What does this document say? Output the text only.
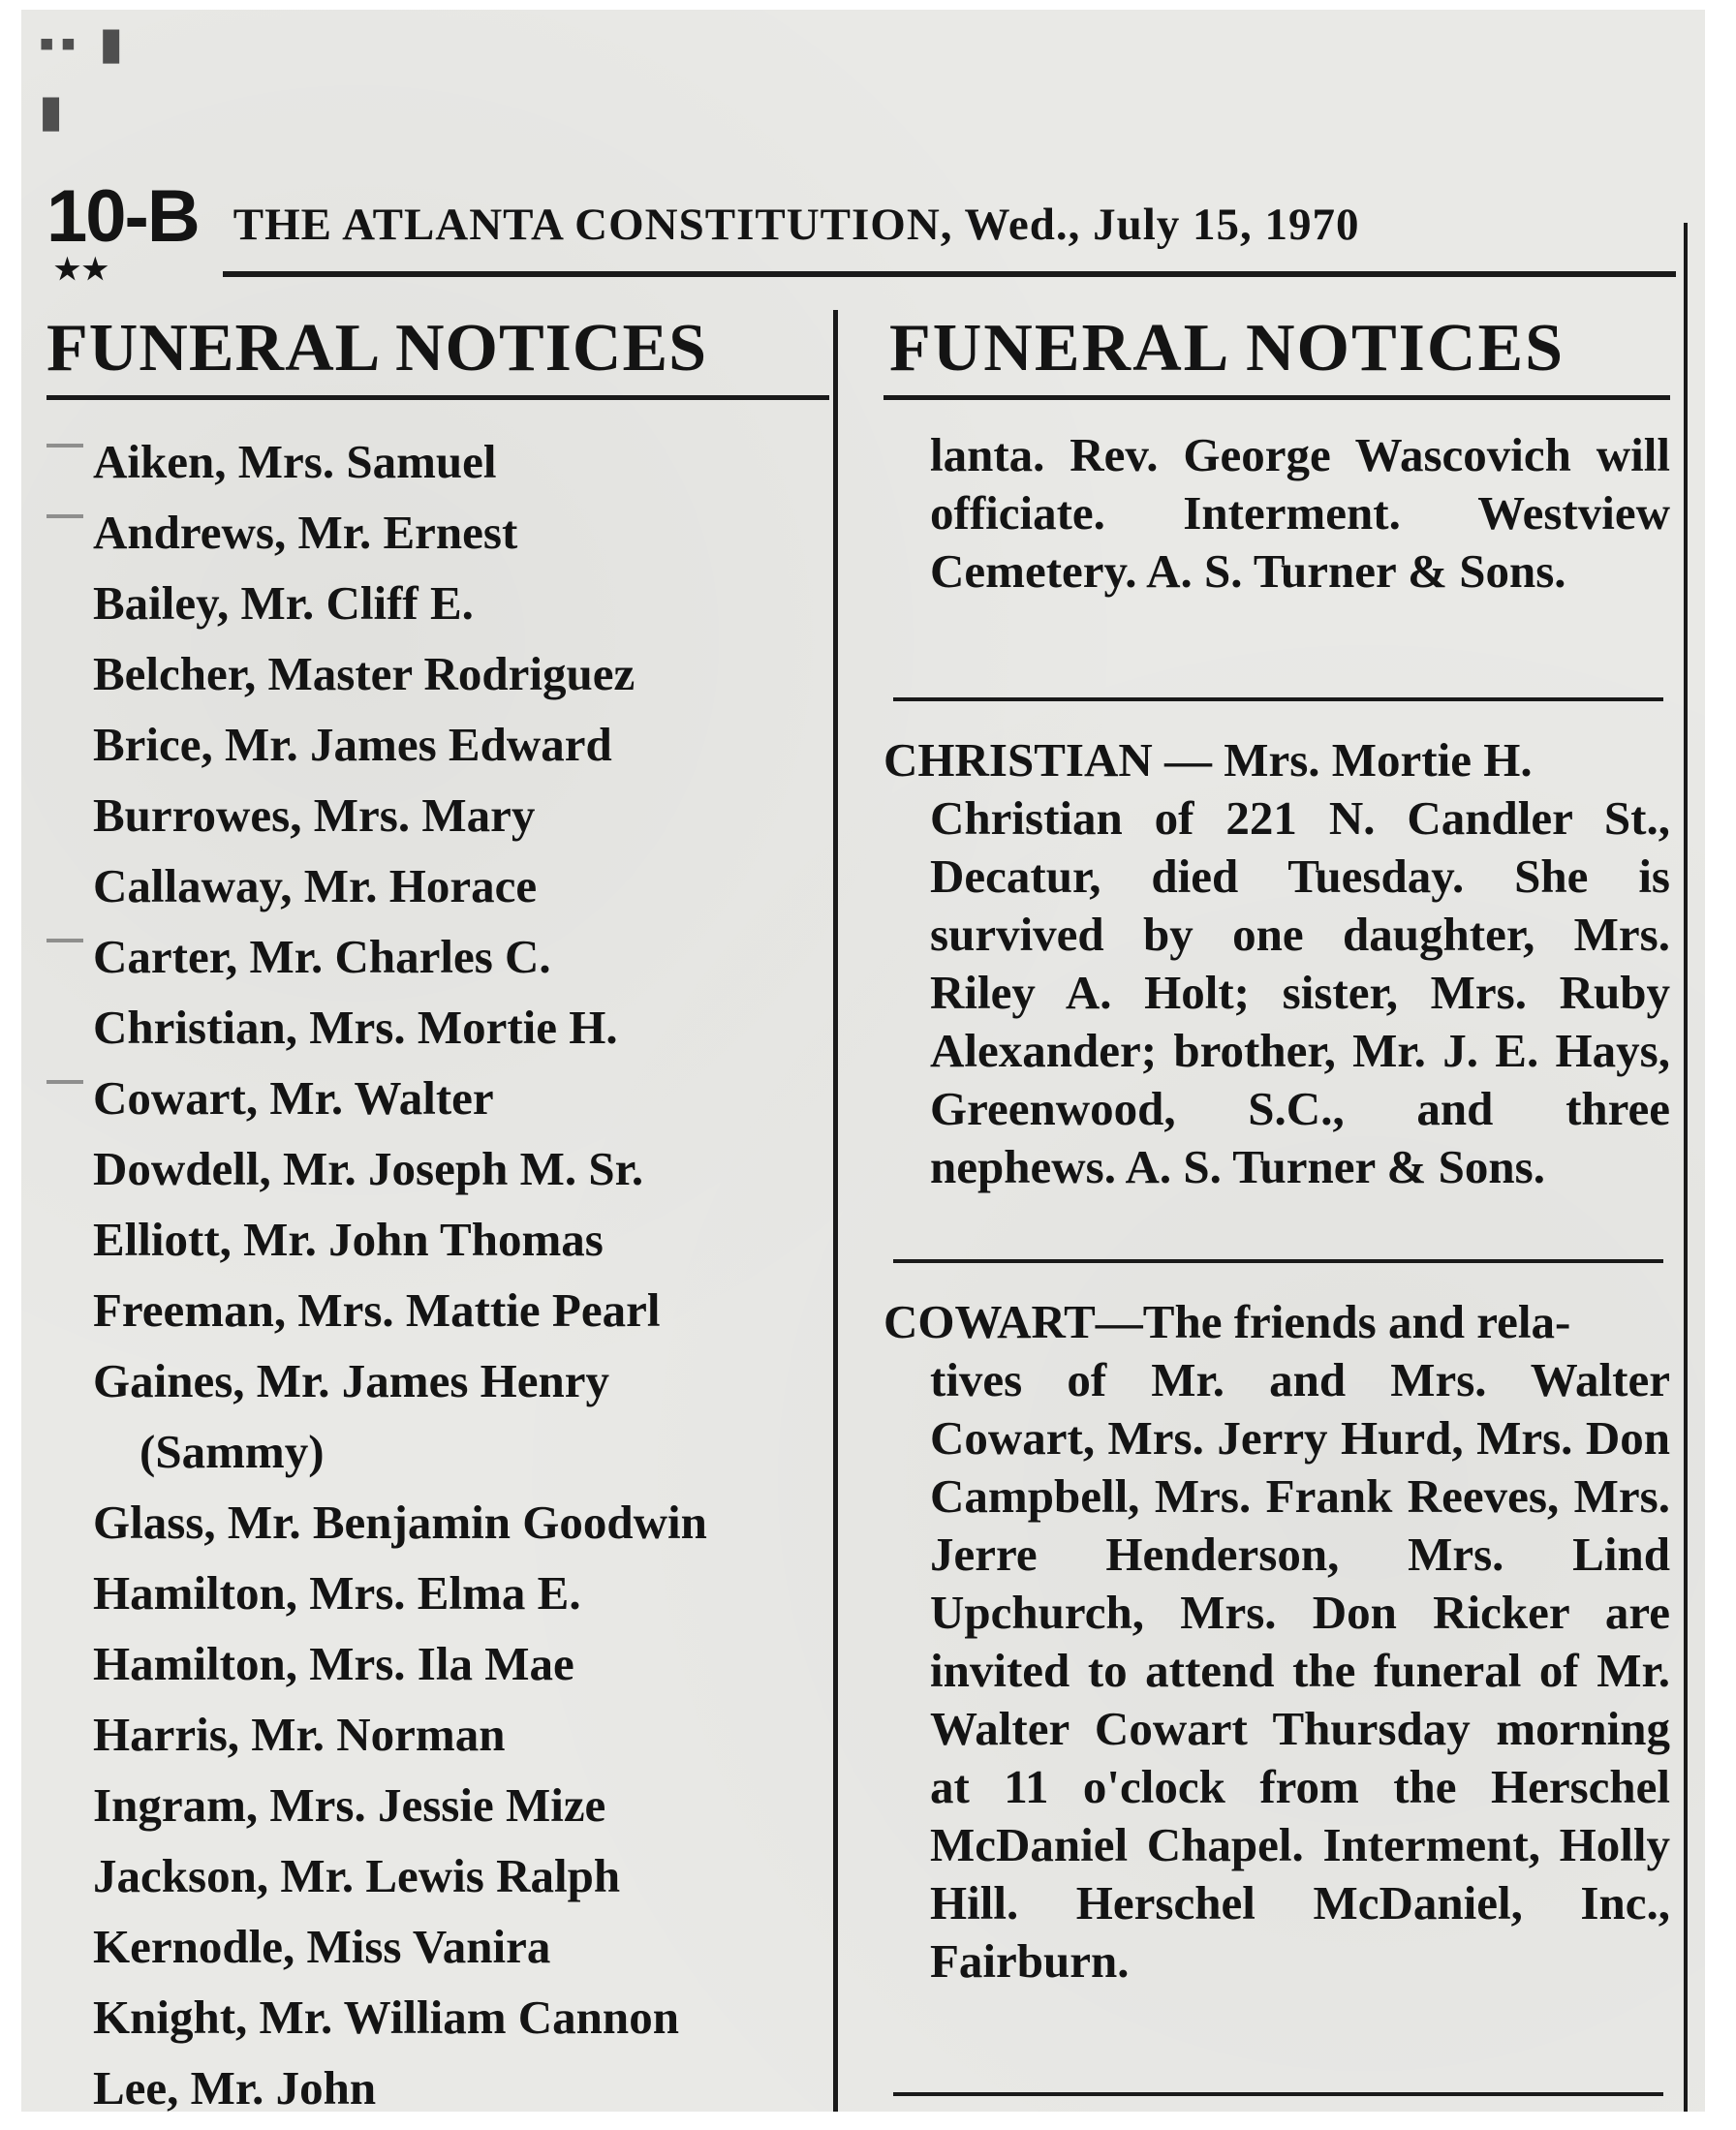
▪▪ ▮
▮
10-B THE ATLANTA CONSTITUTION, Wed., July 15, 1970
★★
FUNERAL NOTICES	FUNERAL NOTICES
Aiken, Mrs. Samuel
Andrews, Mr. Ernest
Bailey, Mr. Cliff E.
Belcher, Master Rodriguez
Brice, Mr. James Edward
Burrowes, Mrs. Mary
Callaway, Mr. Horace
Carter, Mr. Charles C.
Christian, Mrs. Mortie H.
Cowart, Mr. Walter
Dowdell, Mr. Joseph M. Sr.
Elliott, Mr. John Thomas
Freeman, Mrs. Mattie Pearl
Gaines, Mr. James Henry
(Sammy)
Glass, Mr. Benjamin Goodwin
Hamilton, Mrs. Elma E.
Hamilton, Mrs. Ila Mae
Harris, Mr. Norman
Ingram, Mrs. Jessie Mize
Jackson, Mr. Lewis Ralph
Kernodle, Miss Vanira
Knight, Mr. William Cannon
Lee, Mr. John

lanta. Rev. George Wascovich will officiate. Interment. Westview Cemetery. A. S. Turner & Sons.

CHRISTIAN — Mrs. Mortie H.

Christian of 221 N. Candler St., Decatur, died Tuesday. She is survived by one daughter, Mrs. Riley A. Holt; sister, Mrs. Ruby Alexander; brother, Mr. J. E. Hays, Greenwood, S.C., and three nephews. A. S. Turner & Sons.

COWART—The friends and rela-

tives of Mr. and Mrs. Walter Cowart, Mrs. Jerry Hurd, Mrs. Don Campbell, Mrs. Frank Reeves, Mrs. Jerre Henderson, Mrs. Lind Upchurch, Mrs. Don Ricker are invited to attend the funeral of Mr. Walter Cowart Thursday morning at 11 o'clock from the Herschel McDaniel Chapel. Interment, Holly Hill. Herschel McDaniel, Inc., Fairburn.
